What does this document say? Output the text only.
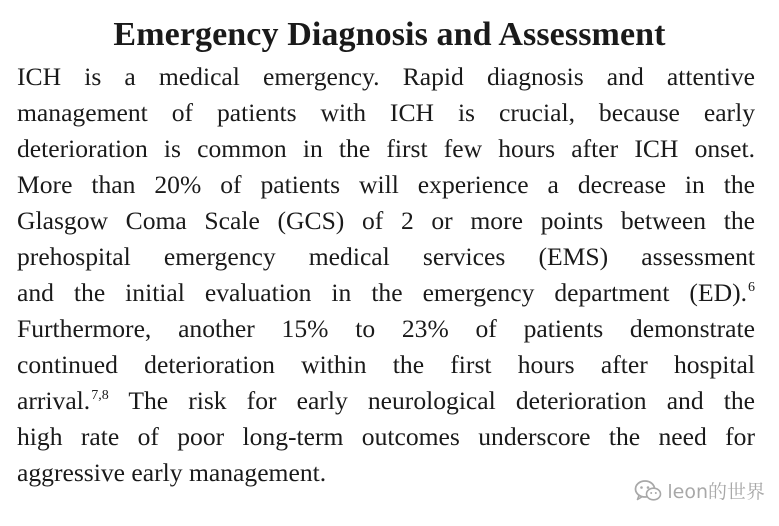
Emergency Diagnosis and Assessment
ICH is a medical emergency. Rapid diagnosis and attentive
management of patients with ICH is crucial, because early
deterioration is common in the first few hours after ICH onset.
More than 20% of patients will experience a decrease in the
Glasgow Coma Scale (GCS) of 2 or more points between the
prehospital emergency medical services (EMS) assessment
and the initial evaluation in the emergency department (ED).$^6$
Furthermore, another 15% to 23% of patients demonstrate
continued deterioration within the first hours after hospital
arrival.$^{7,8}$ The risk for early neurological deterioration and the
high rate of poor long-term outcomes underscore the need for
aggressive early management.
leon的世界
